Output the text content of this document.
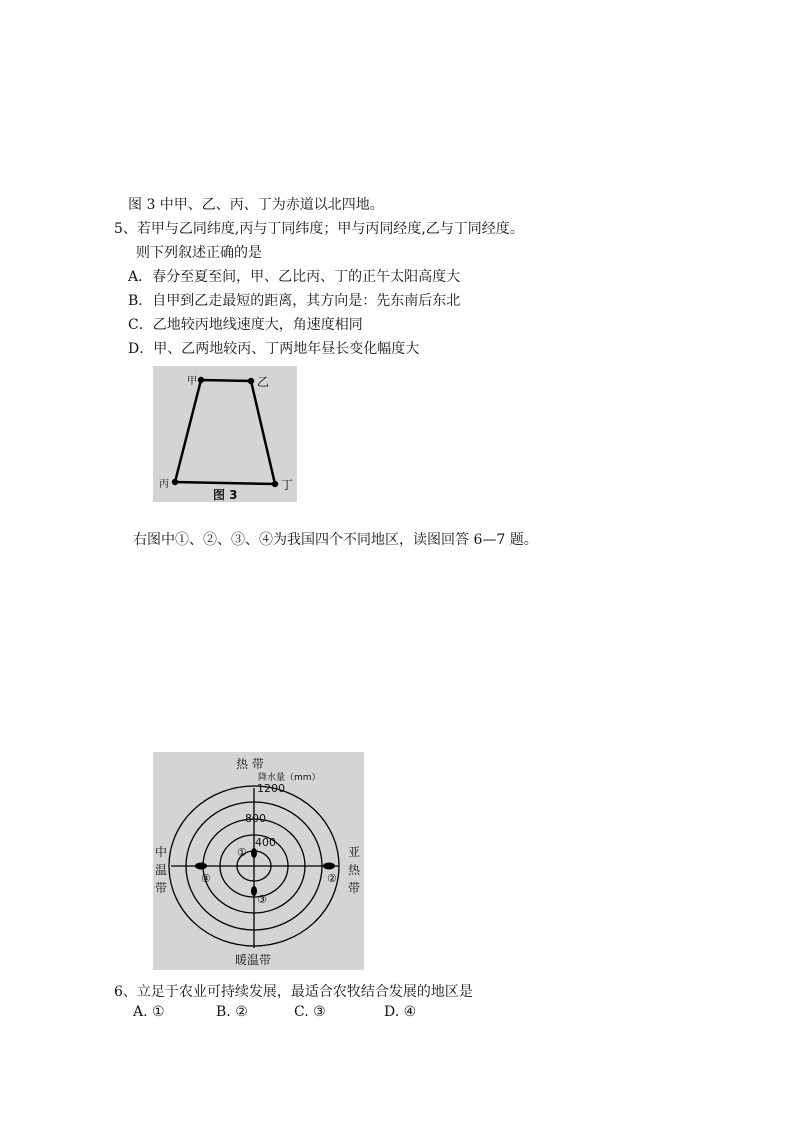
图 3 中甲、乙、丙、丁为赤道以北四地。
5、若甲与乙同纬度,丙与丁同纬度；甲与丙同经度,乙与丁同经度。
则下列叙述正确的是
A．春分至夏至间，甲、乙比丙、丁的正午太阳高度大
B．自甲到乙走最短的距离，其方向是：先东南后东北
C．乙地较丙地线速度大，角速度相同
D．甲、乙两地较丙、丁两地年昼长变化幅度大
甲	乙
丙	丁
图 3
右图中①、②、③、④为我国四个不同地区，读图回答 6—7 题。
热 带
降水量（mm）
1200
800
400
中
温
带
亚
热
带
暖温带
①
②
③
④
6、立足于农业可持续发展，最适合农牧结合发展的地区是
A. ①	B. ②	C. ③	D. ④
